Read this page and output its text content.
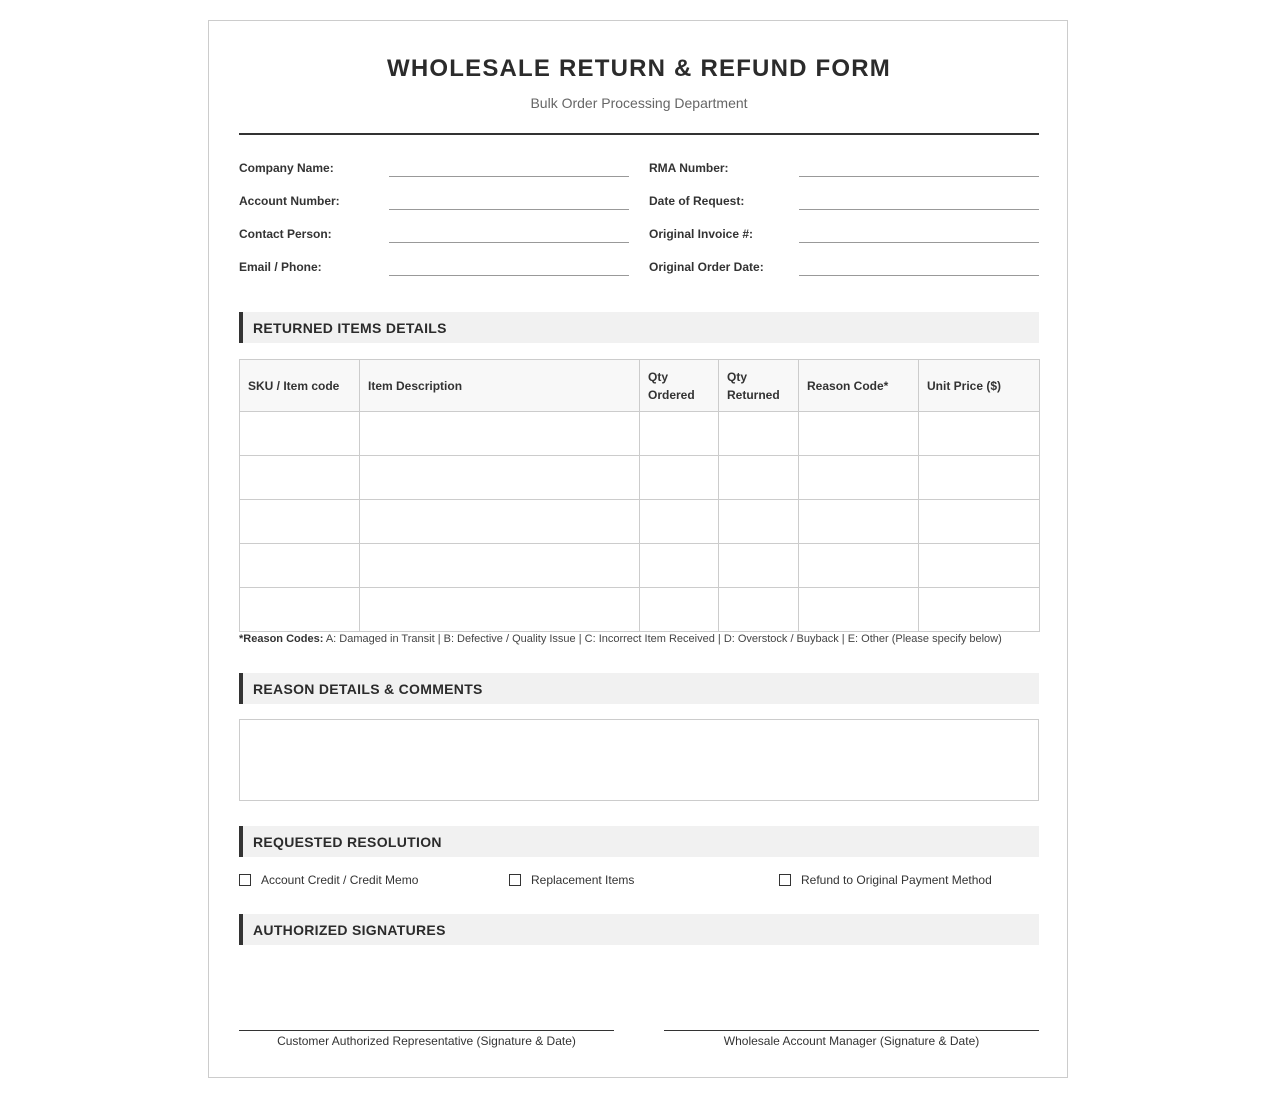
WHOLESALE RETURN & REFUND FORM
Bulk Order Processing Department
Company Name:
Account Number:
Contact Person:
Email / Phone:
RMA Number:
Date of Request:
Original Invoice #:
Original Order Date:
RETURNED ITEMS DETAILS
SKU / Item code	Item Description	Qty Ordered	Qty Returned	Reason Code*	Unit Price ($)

*Reason Codes: A: Damaged in Transit | B: Defective / Quality Issue | C: Incorrect Item Received | D: Overstock / Buyback | E: Other (Please specify below)
REASON DETAILS & COMMENTS
REQUESTED RESOLUTION
Account Credit / Credit Memo	Replacement Items	Refund to Original Payment Method
AUTHORIZED SIGNATURES
Customer Authorized Representative (Signature & Date)	Wholesale Account Manager (Signature & Date)
